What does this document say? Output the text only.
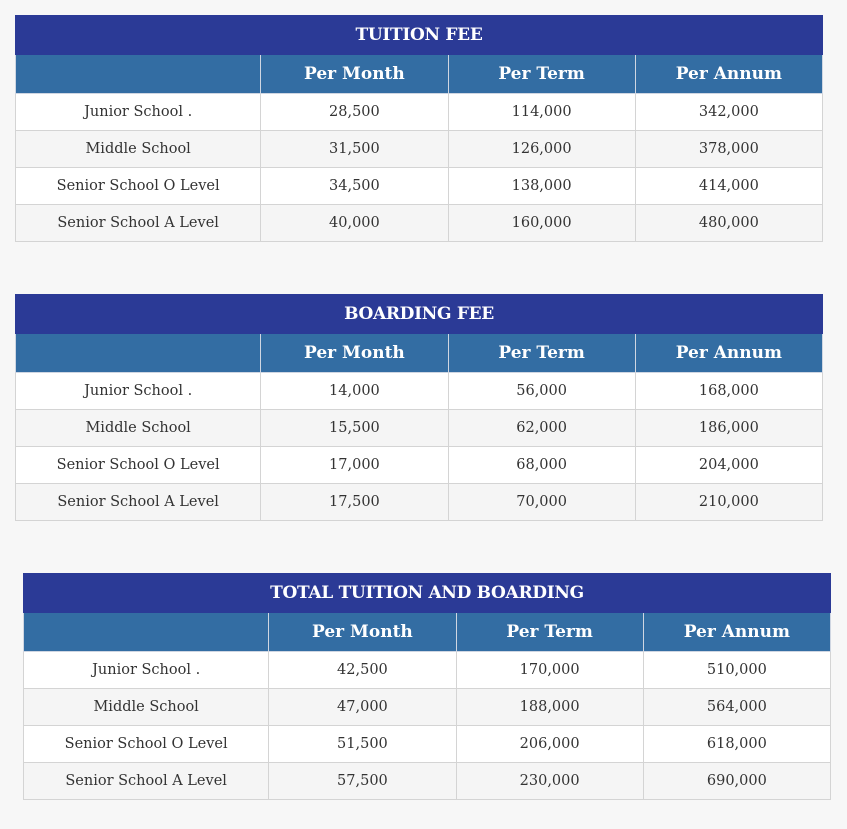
TUITION FEE			
	Per Month	Per Term	Per Annum
Junior School .	28,500	114,000	342,000
Middle School	31,500	126,000	378,000
Senior School O Level	34,500	138,000	414,000
Senior School A Level	40,000	160,000	480,000
BOARDING FEE			
	Per Month	Per Term	Per Annum
Junior School .	14,000	56,000	168,000
Middle School	15,500	62,000	186,000
Senior School O Level	17,000	68,000	204,000
Senior School A Level	17,500	70,000	210,000
TOTAL TUITION AND BOARDING			
	Per Month	Per Term	Per Annum
Junior School .	42,500	170,000	510,000
Middle School	47,000	188,000	564,000
Senior School O Level	51,500	206,000	618,000
Senior School A Level	57,500	230,000	690,000
